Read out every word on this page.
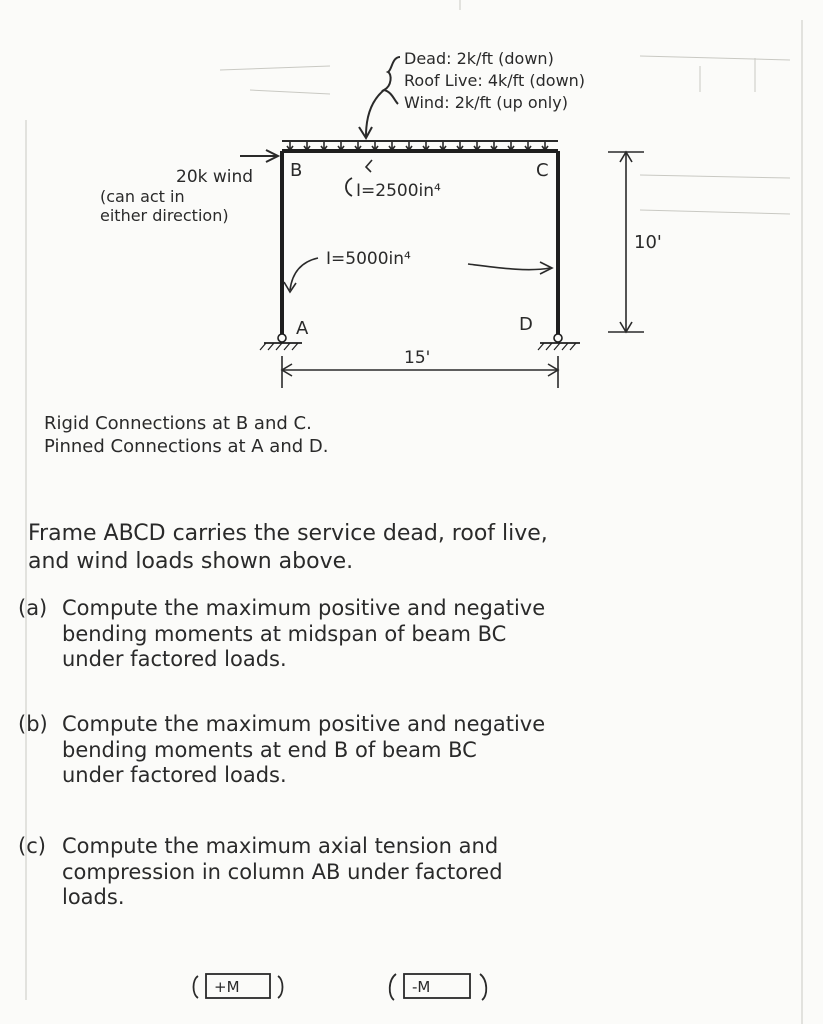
Dead: 2k/ft (down)
Roof Live: 4k/ft (down)
Wind: 2k/ft (up only)
B	C
A	D
20k wind
(can act in
either direction)
I=2500in⁴
I=5000in⁴
10'
15'
Rigid Connections at B and C.
Pinned Connections at A and D.
Frame ABCD carries the service dead, roof live,
and wind loads shown above.
(a) Compute the maximum positive and negative
bending moments at midspan of beam BC
under factored loads.
(b) Compute the maximum positive and negative
bending moments at end B of beam BC
under factored loads.
(c) Compute the maximum axial tension and
compression in column AB under factored
loads.
+M	-M
